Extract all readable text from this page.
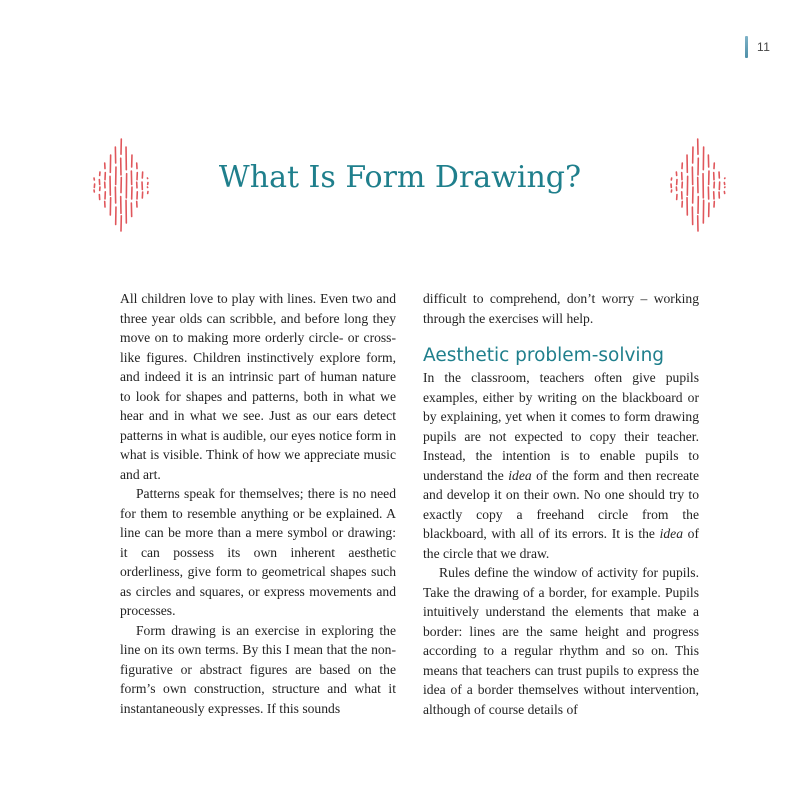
11
What Is Form Drawing?

All children love to play with lines. Even two and three year olds can scribble, and before long they move on to making more orderly circle- or cross-like figures. Children instinctively explore form, and indeed it is an intrinsic part of human nature to look for shapes and patterns, both in what we hear and in what we see. Just as our ears detect patterns in what is audible, our eyes notice form in what is visible. Think of how we appreciate music and art.

Patterns speak for themselves; there is no need for them to resemble anything or be explained. A line can be more than a mere symbol or drawing: it can possess its own inherent aesthetic orderliness, give form to geometrical shapes such as circles and squares, or express movements and processes.

Form drawing is an exercise in exploring the line on its own terms. By this I mean that the non-figurative or abstract figures are based on the form’s own construction, structure and what it instantaneously expresses. If this sounds

difficult to comprehend, don’t worry – working through the exercises will help.

Aesthetic problem-solving

In the classroom, teachers often give pupils examples, either by writing on the blackboard or by explaining, yet when it comes to form drawing pupils are not expected to copy their teacher. Instead, the intention is to enable pupils to understand the idea of the form and then recreate and develop it on their own. No one should try to exactly copy a freehand circle from the blackboard, with all of its errors. It is the idea of the circle that we draw.

Rules define the window of activity for pupils. Take the drawing of a border, for example. Pupils intuitively understand the elements that make a border: lines are the same height and progress according to a regular rhythm and so on. This means that teachers can trust pupils to express the idea of a border themselves without intervention, although of course details of
